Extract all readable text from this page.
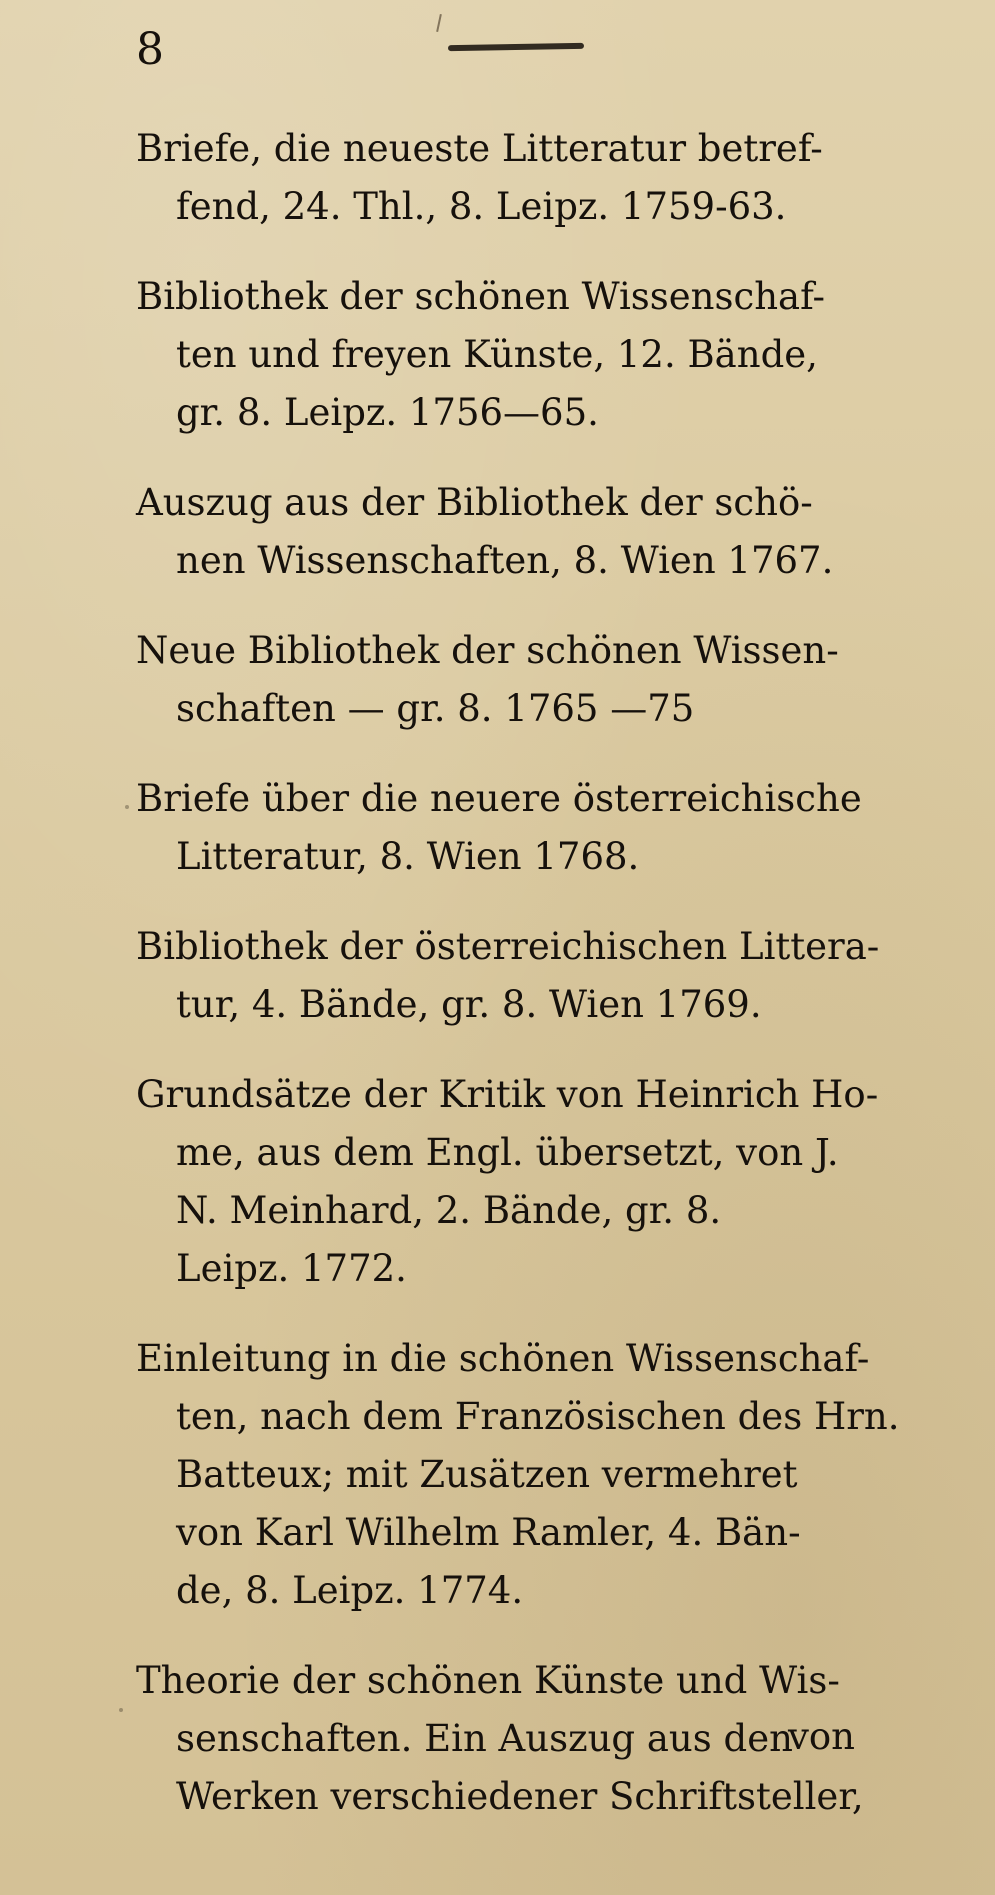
8
Briefe, die neueste Litteratur betref-
fend, 24. Thl., 8. Leipz. 1759-63.
Bibliothek der schönen Wissenschaf-
ten und freyen Künste, 12. Bände,
gr. 8. Leipz. 1756—65.
Auszug aus der Bibliothek der schö-
nen Wissenschaften, 8. Wien 1767.
Neue Bibliothek der schönen Wissen-
schaften — gr. 8. 1765 —75
Briefe über die neuere österreichische
Litteratur, 8. Wien 1768.
Bibliothek der österreichischen Littera-
tur, 4. Bände, gr. 8. Wien 1769.
Grundsätze der Kritik von Heinrich Ho-
me, aus dem Engl. übersetzt, von J.
N. Meinhard, 2. Bände, gr. 8.
Leipz. 1772.
Einleitung in die schönen Wissenschaf-
ten, nach dem Französischen des Hrn.
Batteux; mit Zusätzen vermehret
von Karl Wilhelm Ramler, 4. Bän-
de, 8. Leipz. 1774.
Theorie der schönen Künste und Wis-
senschaften. Ein Auszug aus den
Werken verschiedener Schriftsteller,
von
